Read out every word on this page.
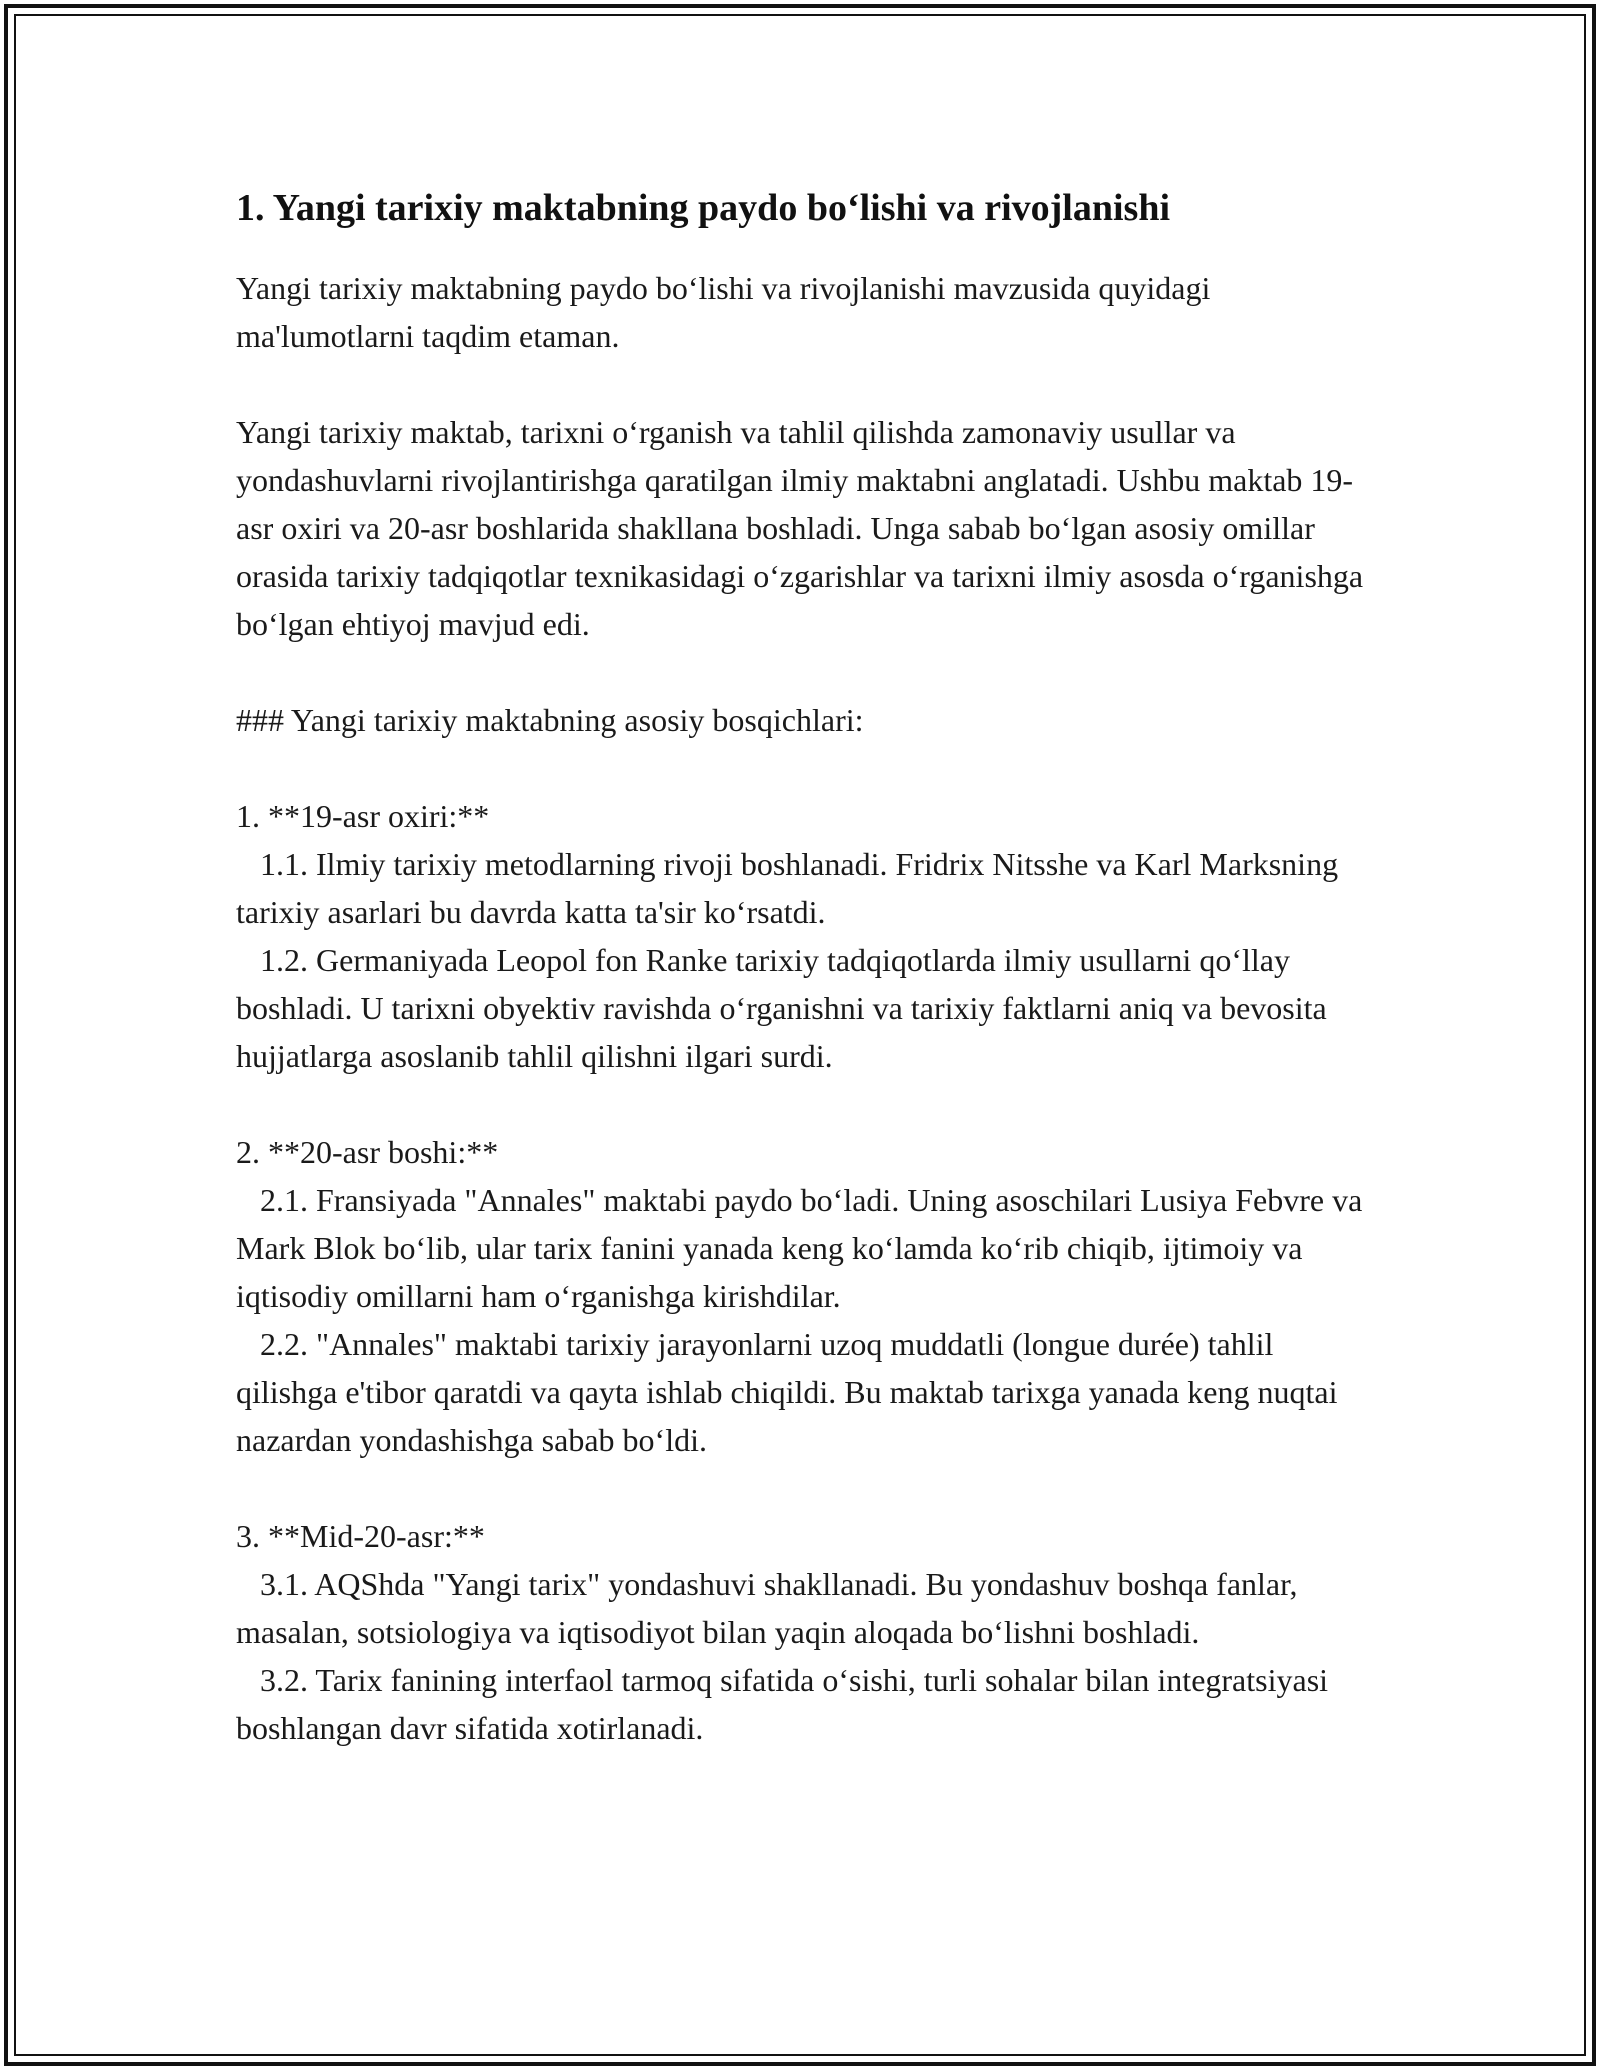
1. Yangi tarixiy maktabning paydo bo‘lishi va rivojlanishi

Yangi tarixiy maktabning paydo bo‘lishi va rivojlanishi mavzusida quyidagi ma'lumotlarni taqdim etaman.

Yangi tarixiy maktab, tarixni o‘rganish va tahlil qilishda zamonaviy usullar va yondashuvlarni rivojlantirishga qaratilgan ilmiy maktabni anglatadi. Ushbu maktab 19-asr oxiri va 20-asr boshlarida shakllana boshladi. Unga sabab bo‘lgan asosiy omillar orasida tarixiy tadqiqotlar texnikasidagi o‘zgarishlar va tarixni ilmiy asosda o‘rganishga bo‘lgan ehtiyoj mavjud edi.

### Yangi tarixiy maktabning asosiy bosqichlari:

1. **19-asr oxiri:**

1.1. Ilmiy tarixiy metodlarning rivoji boshlanadi. Fridrix Nitsshe va Karl Marksning tarixiy asarlari bu davrda katta ta'sir ko‘rsatdi.

1.2. Germaniyada Leopol fon Ranke tarixiy tadqiqotlarda ilmiy usullarni qo‘llay boshladi. U tarixni obyektiv ravishda o‘rganishni va tarixiy faktlarni aniq va bevosita hujjatlarga asoslanib tahlil qilishni ilgari surdi.

2. **20-asr boshi:**

2.1. Fransiyada "Annales" maktabi paydo bo‘ladi. Uning asoschilari Lusiya Febvre va Mark Blok bo‘lib, ular tarix fanini yanada keng ko‘lamda ko‘rib chiqib, ijtimoiy va iqtisodiy omillarni ham o‘rganishga kirishdilar.

2.2. "Annales" maktabi tarixiy jarayonlarni uzoq muddatli (longue durée) tahlil qilishga e'tibor qaratdi va qayta ishlab chiqildi. Bu maktab tarixga yanada keng nuqtai nazardan yondashishga sabab bo‘ldi.

3. **Mid-20-asr:**

3.1. AQShda "Yangi tarix" yondashuvi shakllanadi. Bu yondashuv boshqa fanlar, masalan, sotsiologiya va iqtisodiyot bilan yaqin aloqada bo‘lishni boshladi.

3.2. Tarix fanining interfaol tarmoq sifatida o‘sishi, turli sohalar bilan integratsiyasi boshlangan davr sifatida xotirlanadi.
